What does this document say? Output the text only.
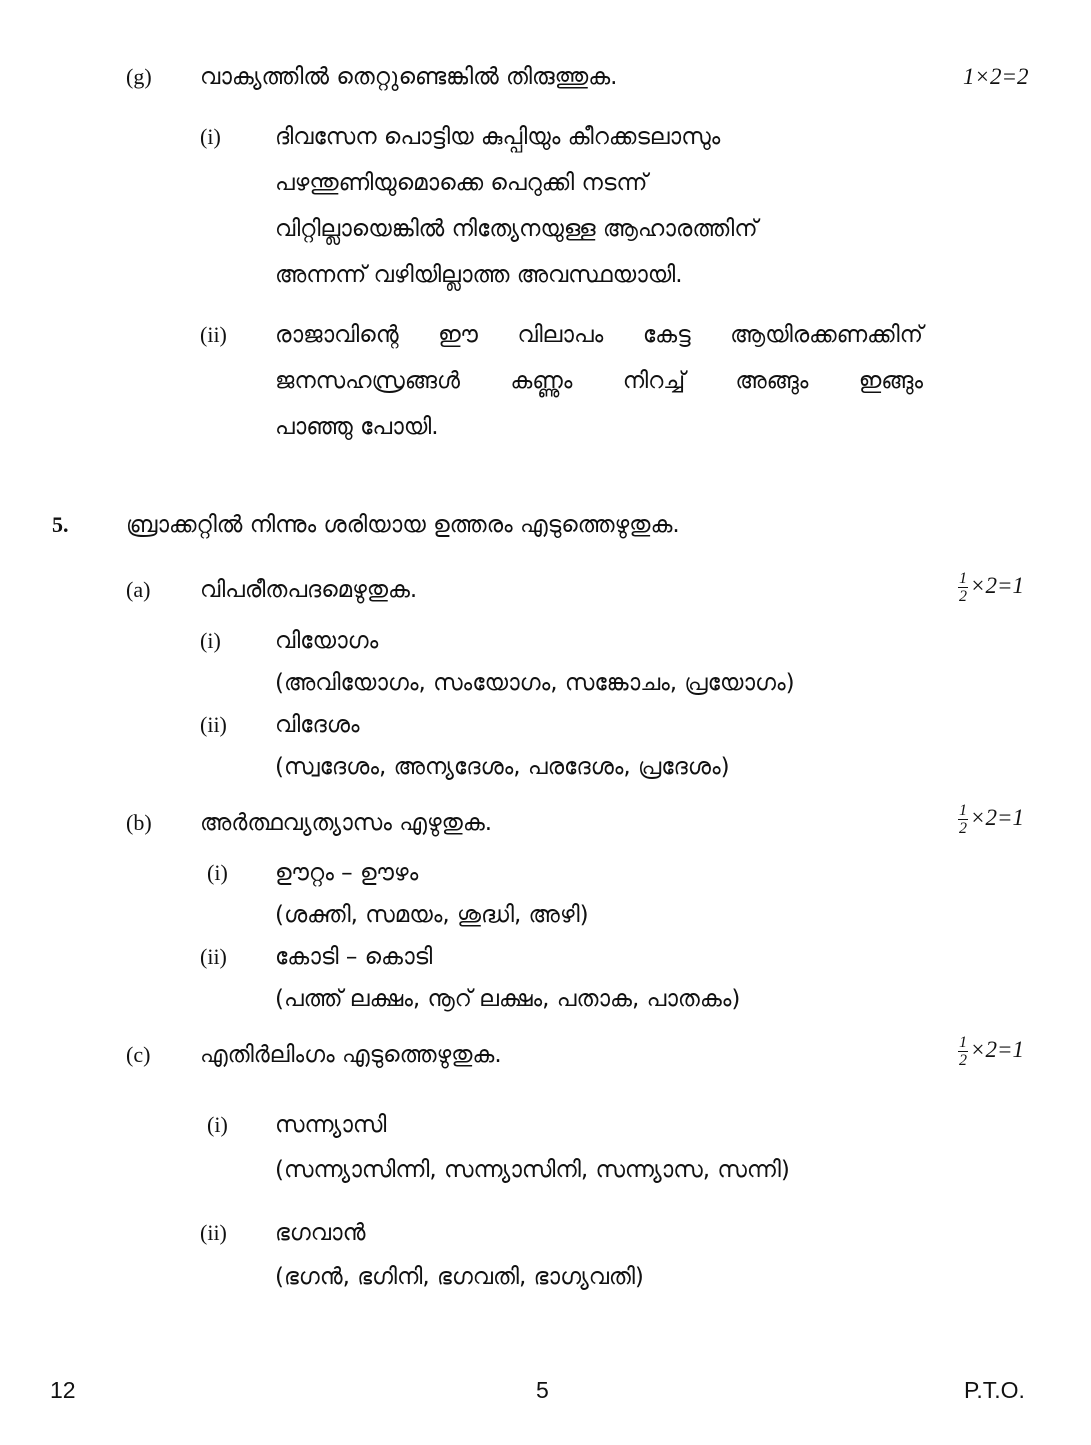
(g) വാക്യത്തിൽ തെറ്റുണ്ടെങ്കിൽ തിരുത്തുക.	1×2=2
(i) ദിവസേന പൊട്ടിയ കുപ്പിയും കീറക്കടലാസും
പഴന്തുണിയുമൊക്കെ പെറുക്കി നടന്ന്
വിറ്റില്ലായെങ്കിൽ നിത്യേനയുള്ള ആഹാരത്തിന്
അന്നന്ന് വഴിയില്ലാത്ത അവസ്ഥയായി.
(ii) രാജാവിന്റെ ഈ വിലാപം കേട്ട ആയിരക്കണക്കിന്
ജനസഹസ്രങ്ങൾ കണ്ണും നിറച്ച് അങ്ങും ഇങ്ങും
പാഞ്ഞു പോയി.
5.	ബ്രാക്കറ്റിൽ നിന്നും ശരിയായ ഉത്തരം എടുത്തെഴുതുക.
(a) വിപരീതപദമെഴുതുക.	$\frac{1}{2} \times 2=1$
(i) വിയോഗം
(അവിയോഗം, സംയോഗം, സങ്കോചം, പ്രയോഗം)
(ii) വിദേശം
(സ്വദേശം, അന്യദേശം, പരദേശം, പ്രദേശം)
(b) അർത്ഥവ്യത്യാസം എഴുതുക.	$\frac{1}{2} \times 2=1$
(i) ഊറ്റം – ഊഴം
(ശക്തി, സമയം, ശുദ്ധി, അഴി)
(ii) കോടി – കൊടി
(പത്ത് ലക്ഷം, നൂറ് ലക്ഷം, പതാക, പാതകം)
(c) എതിർലിംഗം എടുത്തെഴുതുക.	$\frac{1}{2} \times 2=1$
(i) സന്ന്യാസി
(സന്ന്യാസിന്നി, സന്ന്യാസിനി, സന്ന്യാസ, സന്നി)
(ii) ഭഗവാൻ
(ഭഗൻ, ഭഗിനി, ഭഗവതി, ഭാഗ്യവതി)
12	5	P.T.O.
